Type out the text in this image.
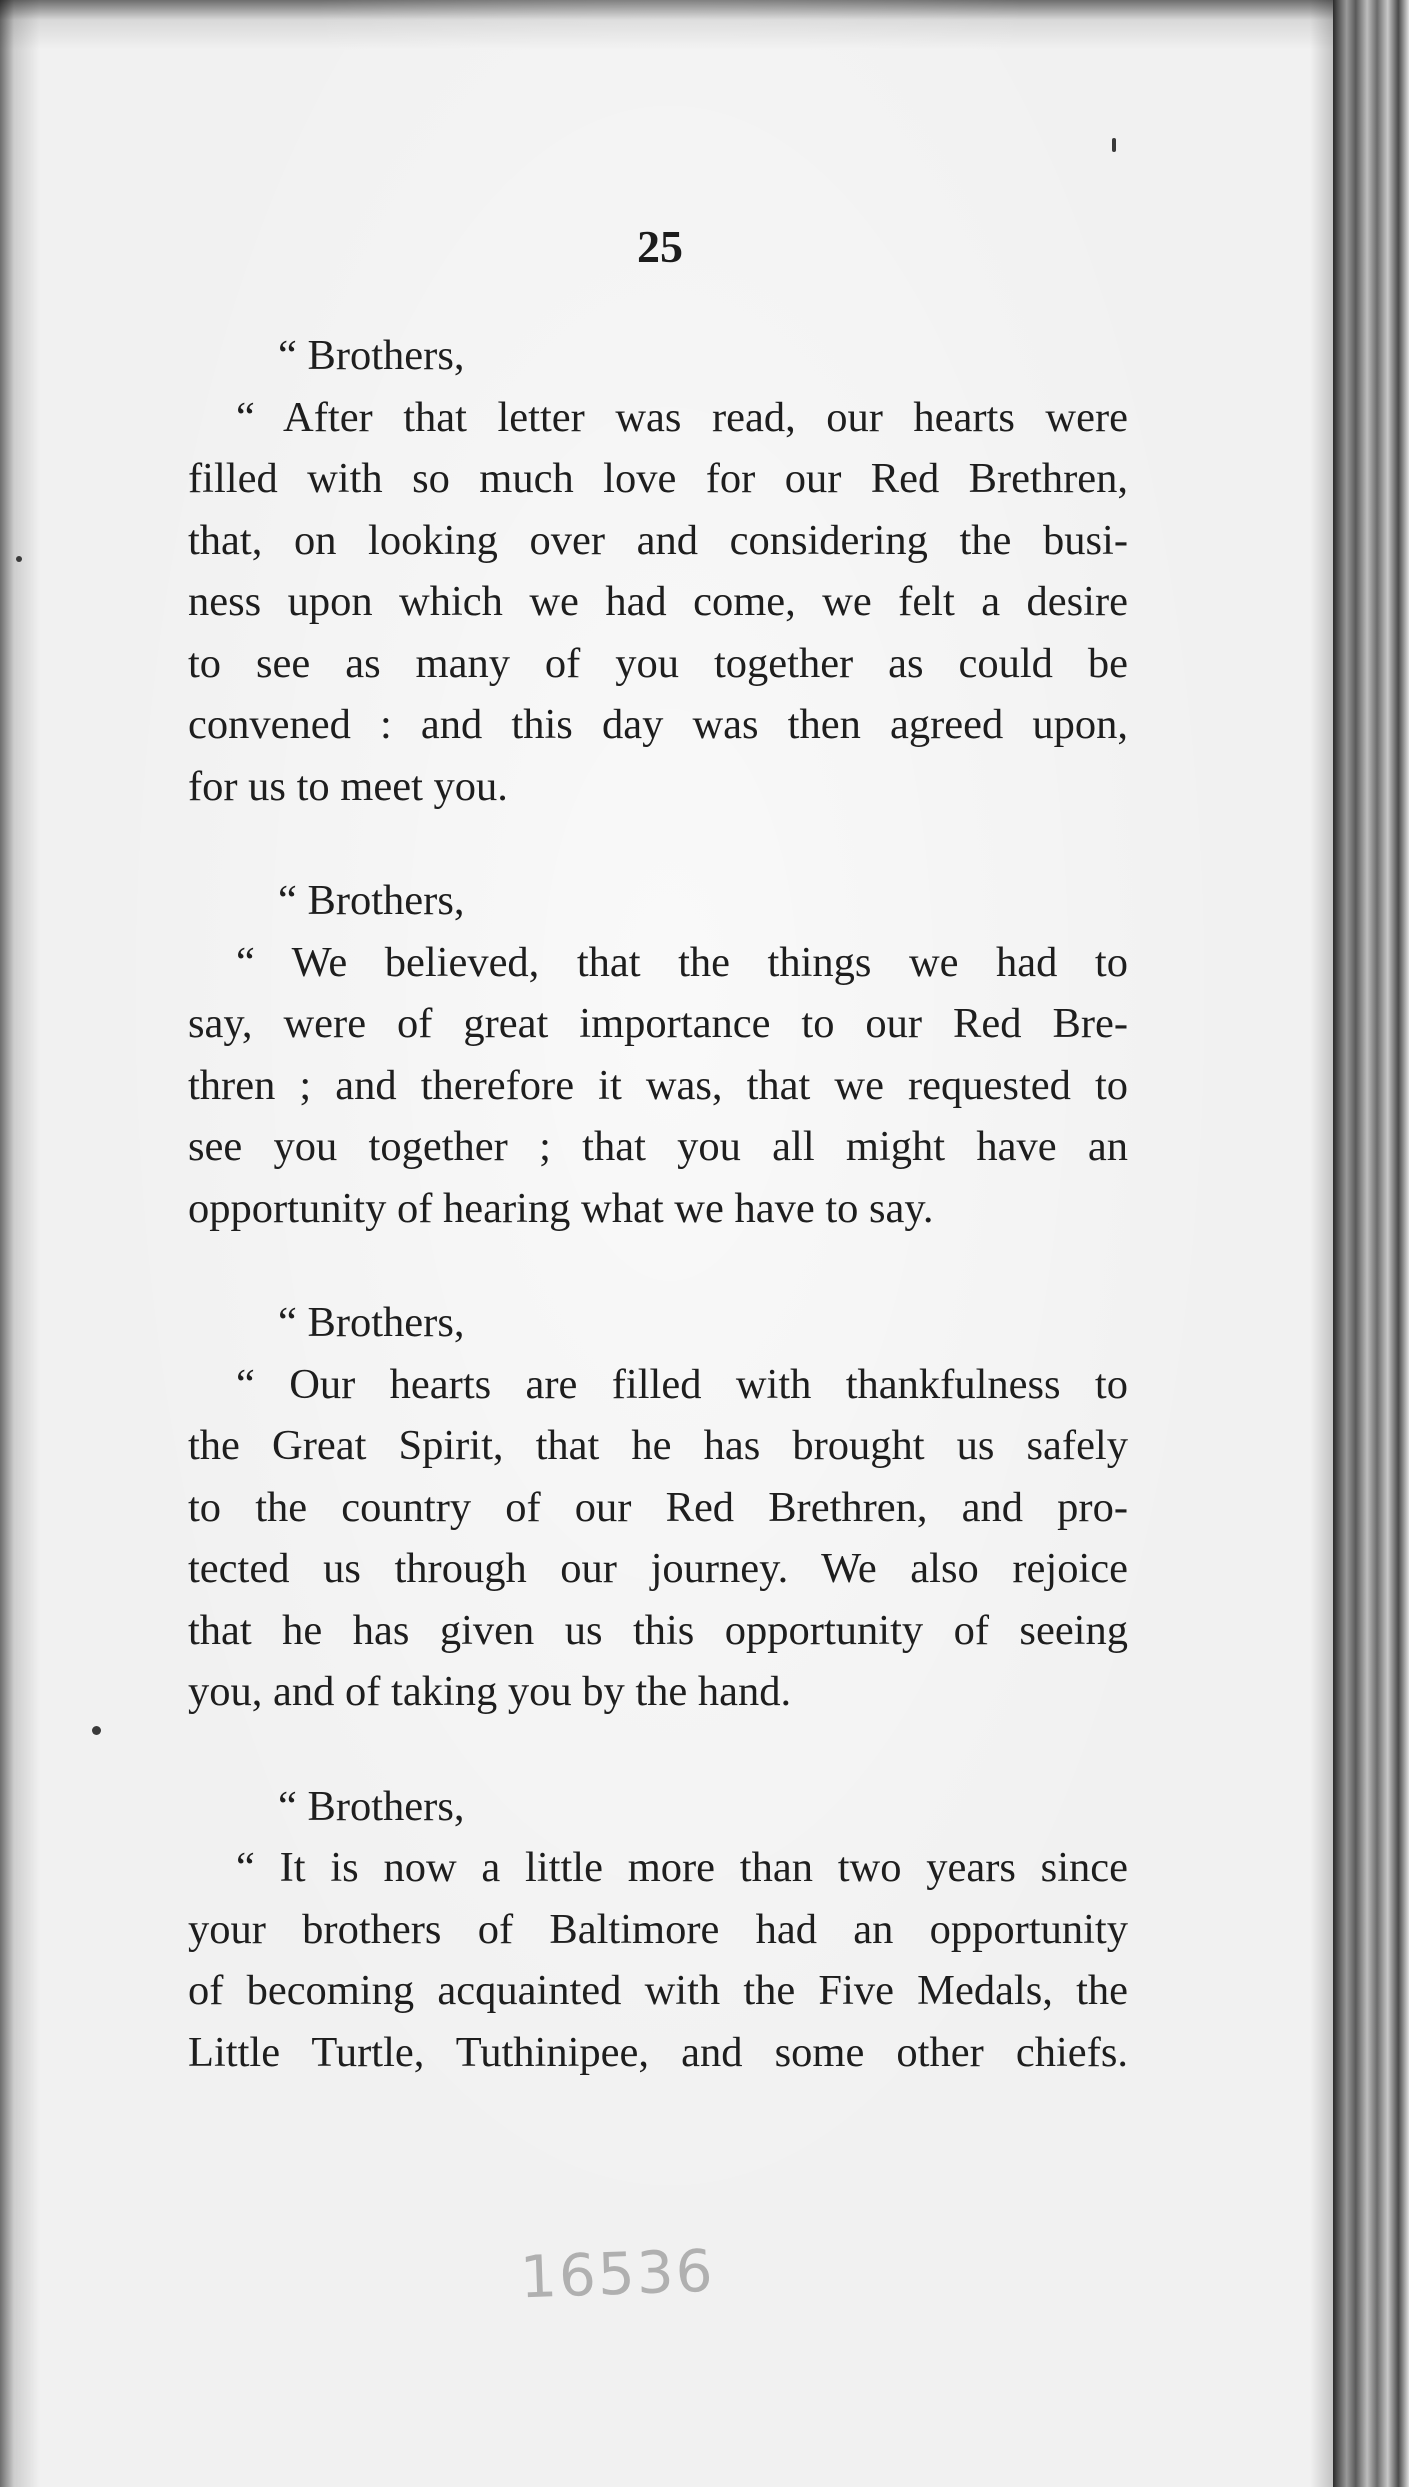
25
“ Brothers,
“ After that letter was read, our hearts were
filled with so much love for our Red Brethren,
that, on looking over and considering the busi-
ness upon which we had come, we felt a desire
to see as many of you together as could be
convened : and this day was then agreed upon,
for us to meet you.
“ Brothers,
“ We believed, that the things we had to
say, were of great importance to our Red Bre-
thren ; and therefore it was, that we requested to
see you together ; that you all might have an
opportunity of hearing what we have to say.
“ Brothers,
“ Our hearts are filled with thankfulness to
the Great Spirit, that he has brought us safely
to the country of our Red Brethren, and pro-
tected us through our journey. We also rejoice
that he has given us this opportunity of seeing
you, and of taking you by the hand.
“ Brothers,
“ It is now a little more than two years since
your brothers of Baltimore had an opportunity
of becoming acquainted with the Five Medals, the
Little Turtle, Tuthinipee, and some other chiefs.
16536
